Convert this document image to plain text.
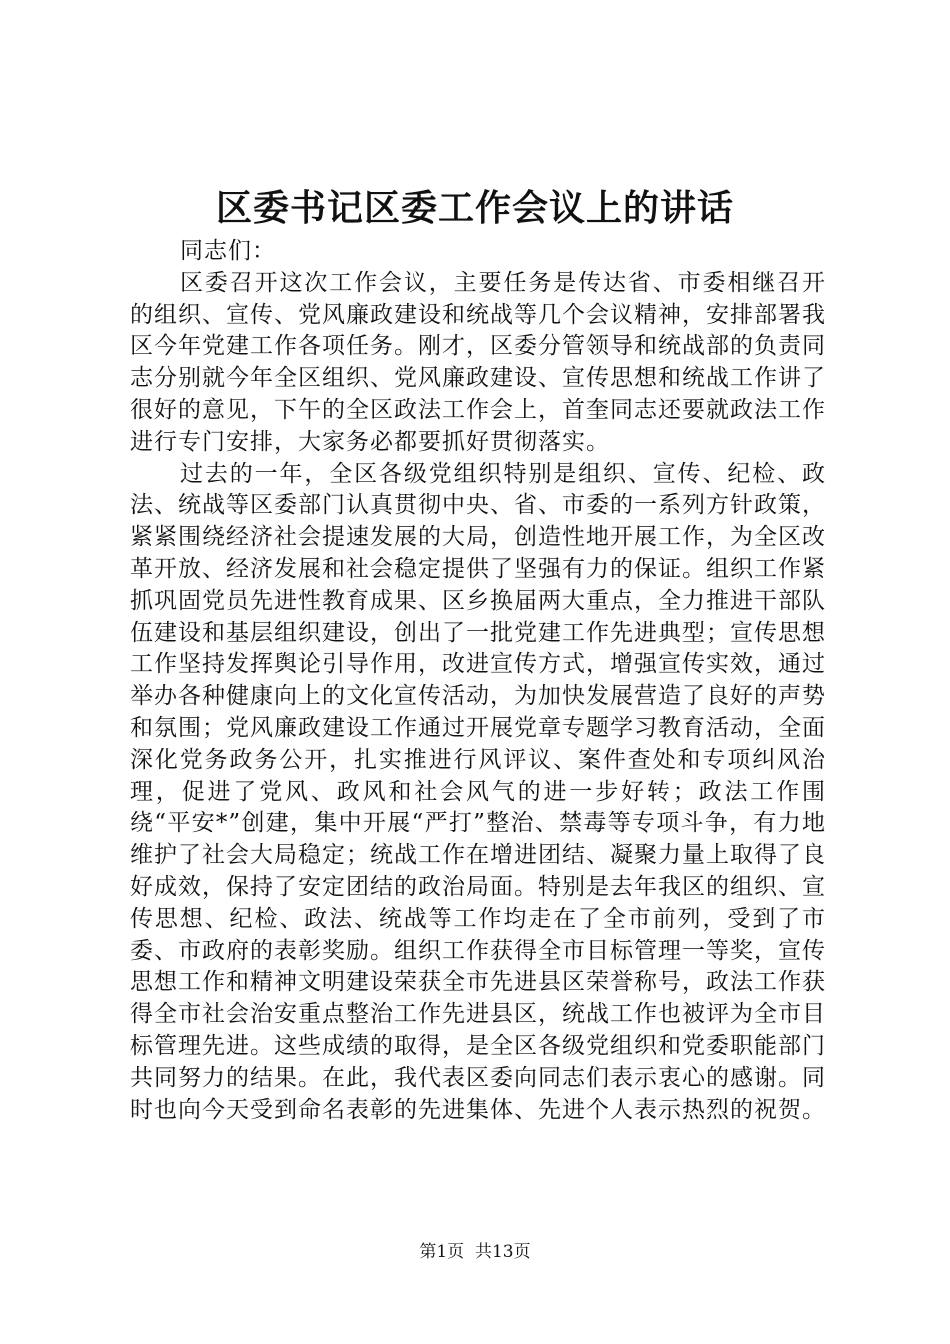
区委书记区委工作会议上的讲话

同志们：

区委召开这次工作会议，主要任务是传达省、市委相继召开的组织、宣传、党风廉政建设和统战等几个会议精神，安排部署我区今年党建工作各项任务。刚才，区委分管领导和统战部的负责同志分别就今年全区组织、党风廉政建设、宣传思想和统战工作讲了很好的意见，下午的全区政法工作会上，首奎同志还要就政法工作进行专门安排，大家务必都要抓好贯彻落实。

过去的一年，全区各级党组织特别是组织、宣传、纪检、政法、统战等区委部门认真贯彻中央、省、市委的一系列方针政策，紧紧围绕经济社会提速发展的大局，创造性地开展工作，为全区改革开放、经济发展和社会稳定提供了坚强有力的保证。组织工作紧抓巩固党员先进性教育成果、区乡换届两大重点，全力推进干部队伍建设和基层组织建设，创出了一批党建工作先进典型；宣传思想工作坚持发挥舆论引导作用，改进宣传方式，增强宣传实效，通过举办各种健康向上的文化宣传活动，为加快发展营造了良好的声势和氛围；党风廉政建设工作通过开展党章专题学习教育活动，全面深化党务政务公开，扎实推进行风评议、案件查处和专项纠风治理，促进了党风、政风和社会风气的进一步好转；政法工作围绕“平安*”创建，集中开展“严打”整治、禁毒等专项斗争，有力地维护了社会大局稳定；统战工作在增进团结、凝聚力量上取得了良好成效，保持了安定团结的政治局面。特别是去年我区的组织、宣传思想、纪检、政法、统战等工作均走在了全市前列，受到了市委、市政府的表彰奖励。组织工作获得全市目标管理一等奖，宣传思想工作和精神文明建设荣获全市先进县区荣誉称号，政法工作获得全市社会治安重点整治工作先进县区，统战工作也被评为全市目标管理先进。这些成绩的取得，是全区各级党组织和党委职能部门共同努力的结果。在此，我代表区委向同志们表示衷心的感谢。同时也向今天受到命名表彰的先进集体、先进个人表示热烈的祝贺。

第1页  共13页
